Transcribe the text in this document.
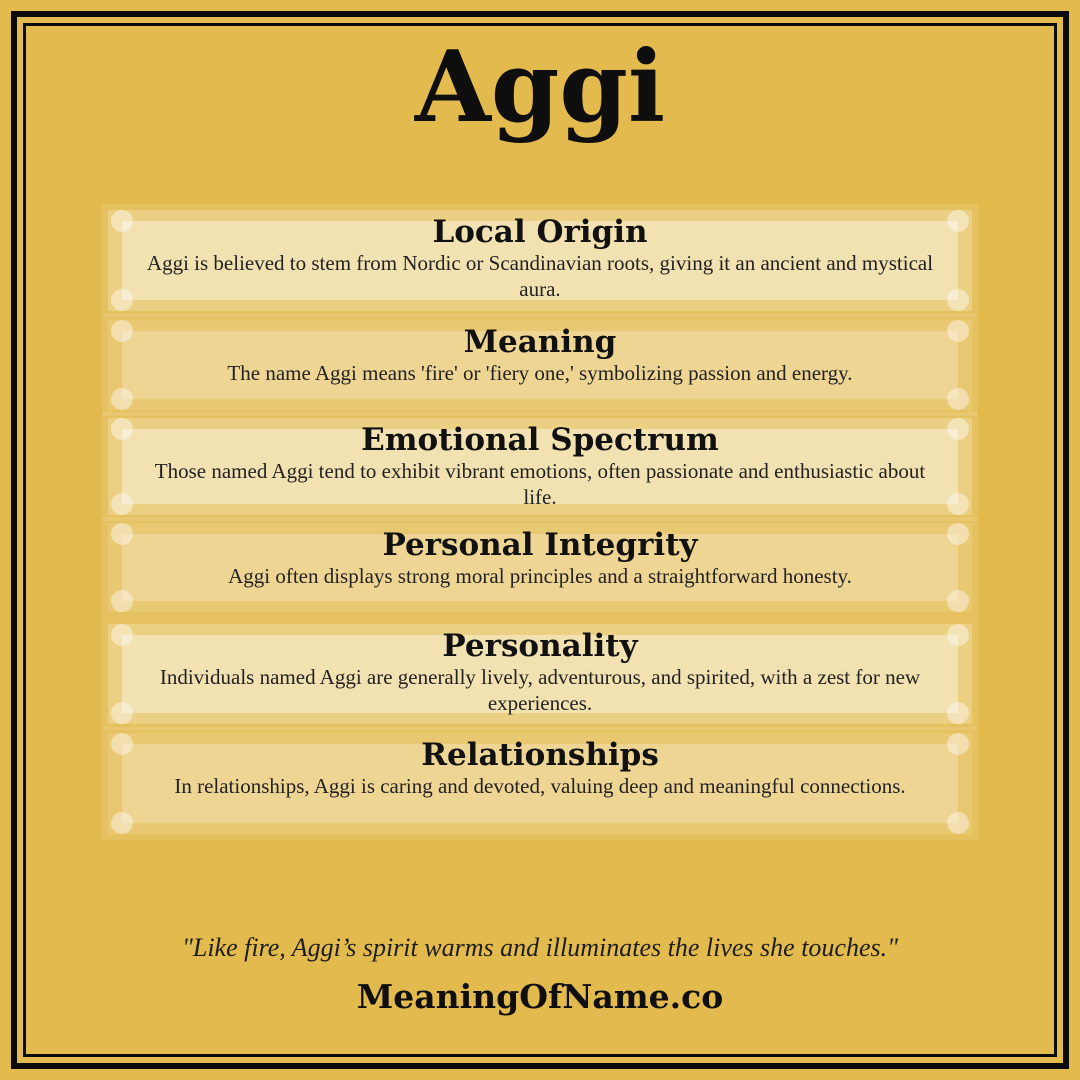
Aggi
Local Origin

Aggi is believed to stem from Nordic or Scandinavian roots, giving it an ancient and mystical aura.

Meaning

The name Aggi means 'fire' or 'fiery one,' symbolizing passion and energy.

Emotional Spectrum

Those named Aggi tend to exhibit vibrant emotions, often passionate and enthusiastic about life.

Personal Integrity

Aggi often displays strong moral principles and a straightforward honesty.

Personality

Individuals named Aggi are generally lively, adventurous, and spirited, with a zest for new experiences.

Relationships

In relationships, Aggi is caring and devoted, valuing deep and meaningful connections.

"Like fire, Aggi’s spirit warms and illuminates the lives she touches."
MeaningOfName.co
